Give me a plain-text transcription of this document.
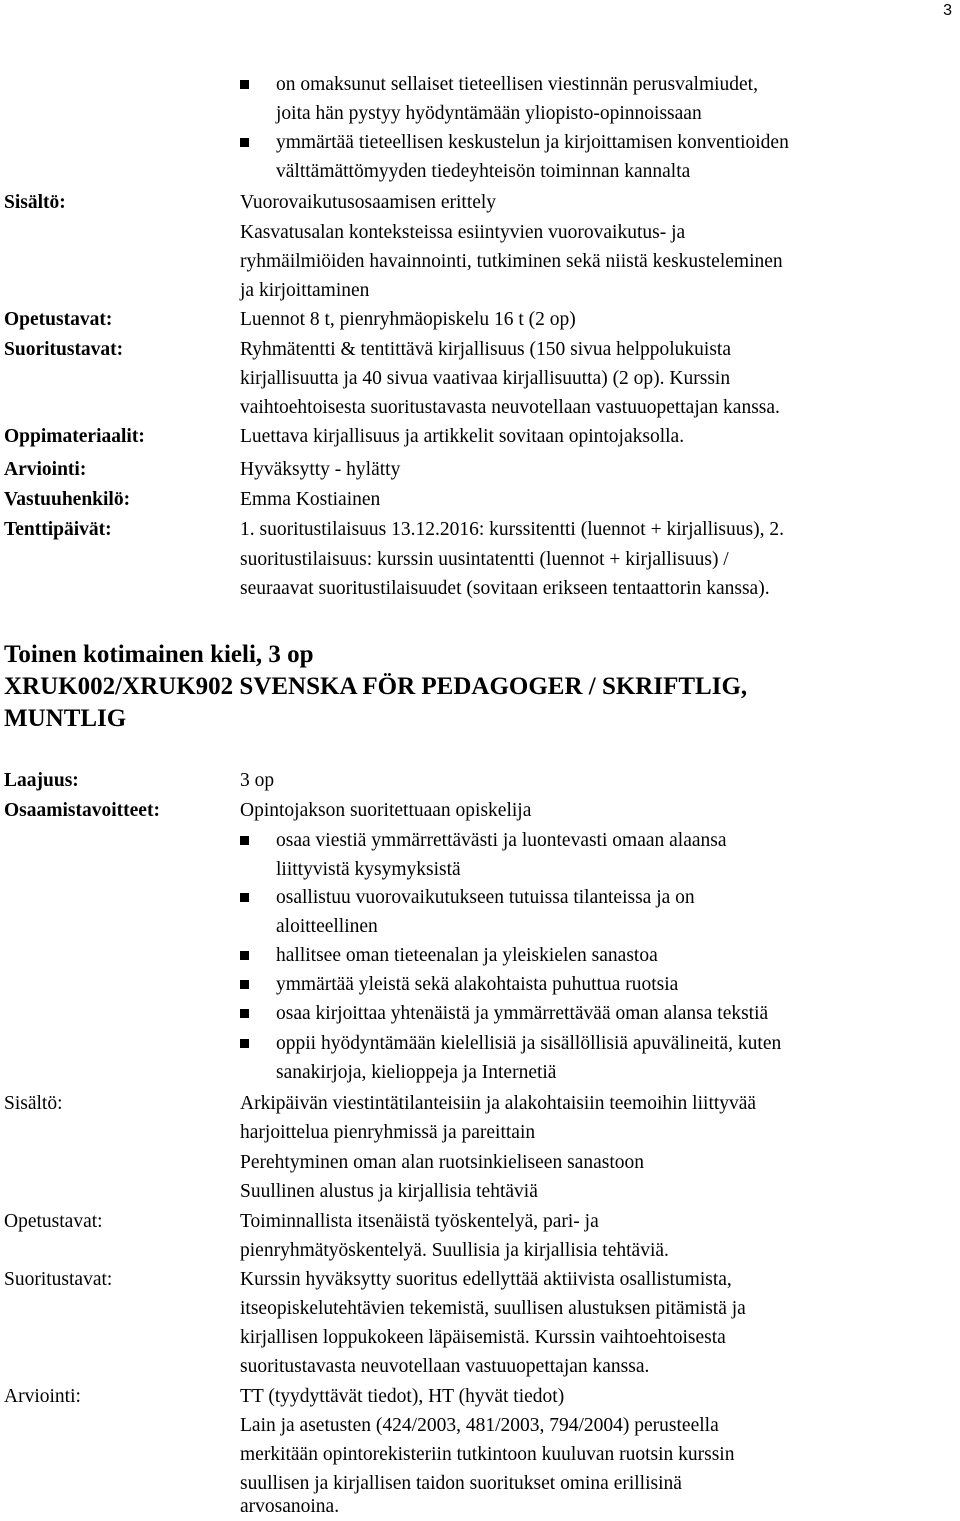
3
on omaksunut sellaiset tieteellisen viestinnän perusvalmiudet,
joita hän pystyy hyödyntämään yliopisto-opinnoissaan
ymmärtää tieteellisen keskustelun ja kirjoittamisen konventioiden
välttämättömyyden tiedeyhteisön toiminnan kannalta
Sisältö:	Vuorovaikutusosaamisen erittely
Kasvatusalan konteksteissa esiintyvien vuorovaikutus- ja
ryhmäilmiöiden havainnointi, tutkiminen sekä niistä keskusteleminen
ja kirjoittaminen
Opetustavat:	Luennot 8 t, pienryhmäopiskelu 16 t (2 op)
Suoritustavat:	Ryhmätentti & tentittävä kirjallisuus (150 sivua helppolukuista
kirjallisuutta ja 40 sivua vaativaa kirjallisuutta) (2 op). Kurssin
vaihtoehtoisesta suoritustavasta neuvotellaan vastuuopettajan kanssa.
Oppimateriaalit:	Luettava kirjallisuus ja artikkelit sovitaan opintojaksolla.
Arviointi:	Hyväksytty - hylätty
Vastuuhenkilö:	Emma Kostiainen
Tenttipäivät:	1. suoritustilaisuus 13.12.2016: kurssitentti (luennot + kirjallisuus), 2.
suoritustilaisuus: kurssin uusintatentti (luennot + kirjallisuus) /
seuraavat suoritustilaisuudet (sovitaan erikseen tentaattorin kanssa).
Toinen kotimainen kieli, 3 op
XRUK002/XRUK902 SVENSKA FÖR PEDAGOGER / SKRIFTLIG,
MUNTLIG
Laajuus:	3 op
Osaamistavoitteet:	Opintojakson suoritettuaan opiskelija
osaa viestiä ymmärrettävästi ja luontevasti omaan alaansa
liittyvistä kysymyksistä
osallistuu vuorovaikutukseen tutuissa tilanteissa ja on
aloitteellinen
hallitsee oman tieteenalan ja yleiskielen sanastoa
ymmärtää yleistä sekä alakohtaista puhuttua ruotsia
osaa kirjoittaa yhtenäistä ja ymmärrettävää oman alansa tekstiä
oppii hyödyntämään kielellisiä ja sisällöllisiä apuvälineitä, kuten
sanakirjoja, kielioppeja ja Internetiä
Sisältö:	Arkipäivän viestintätilanteisiin ja alakohtaisiin teemoihin liittyvää
harjoittelua pienryhmissä ja pareittain
Perehtyminen oman alan ruotsinkieliseen sanastoon
Suullinen alustus ja kirjallisia tehtäviä
Opetustavat:	Toiminnallista itsenäistä työskentelyä, pari- ja
pienryhmätyöskentelyä. Suullisia ja kirjallisia tehtäviä.
Suoritustavat:	Kurssin hyväksytty suoritus edellyttää aktiivista osallistumista,
itseopiskelutehtävien tekemistä, suullisen alustuksen pitämistä ja
kirjallisen loppukokeen läpäisemistä. Kurssin vaihtoehtoisesta
suoritustavasta neuvotellaan vastuuopettajan kanssa.
Arviointi:	TT (tyydyttävät tiedot), HT (hyvät tiedot)
Lain ja asetusten (424/2003, 481/2003, 794/2004) perusteella
merkitään opintorekisteriin tutkintoon kuuluvan ruotsin kurssin
suullisen ja kirjallisen taidon suoritukset omina erillisinä
arvosanoina.
